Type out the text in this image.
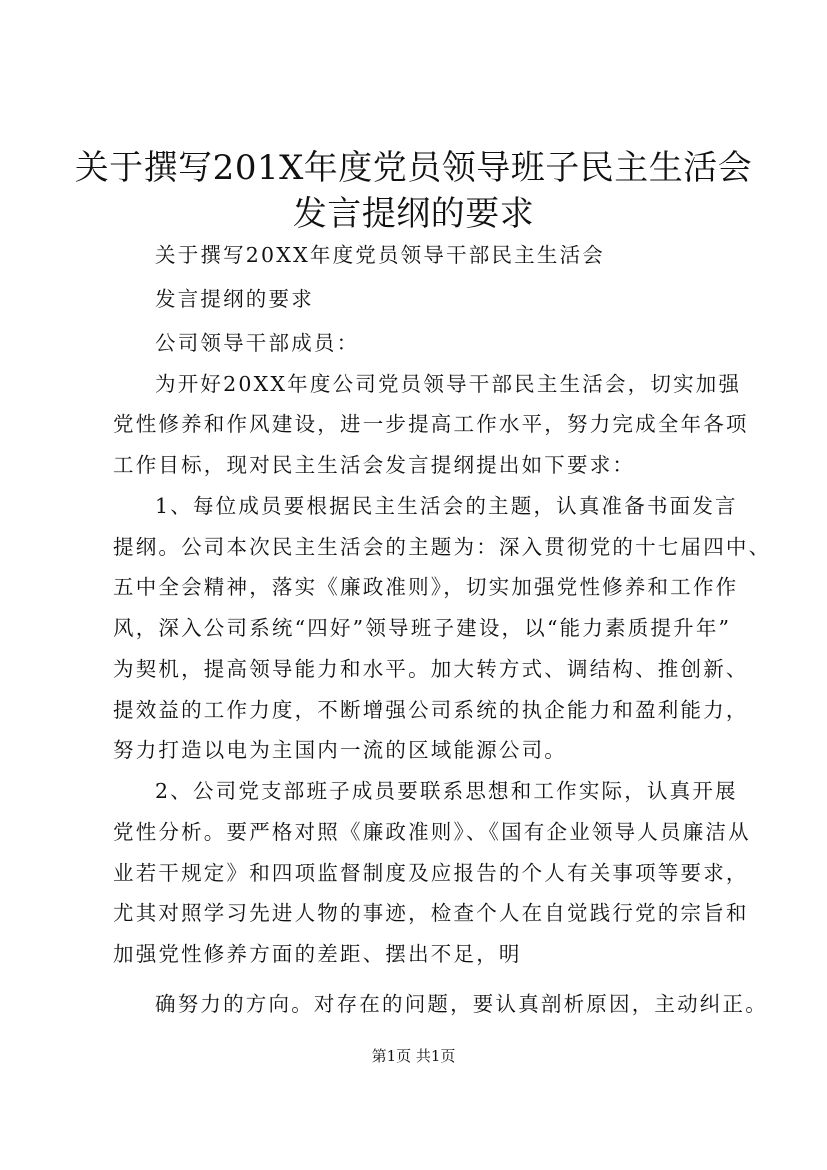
关于撰写201X年度党员领导班子民主生活会
发言提纲的要求

关于撰写20XX年度党员领导干部民主生活会

发言提纲的要求

公司领导干部成员：

为开好20XX年度公司党员领导干部民主生活会，切实加强

党性修养和作风建设，进一步提高工作水平，努力完成全年各项

工作目标，现对民主生活会发言提纲提出如下要求：

1、每位成员要根据民主生活会的主题，认真准备书面发言

提纲。公司本次民主生活会的主题为：深入贯彻党的十七届四中、

五中全会精神，落实《廉政准则》，切实加强党性修养和工作作

风，深入公司系统“四好”领导班子建设，以“能力素质提升年”

为契机，提高领导能力和水平。加大转方式、调结构、推创新、

提效益的工作力度，不断增强公司系统的执企能力和盈利能力，

努力打造以电为主国内一流的区域能源公司。

2、公司党支部班子成员要联系思想和工作实际，认真开展

党性分析。要严格对照《廉政准则》、《国有企业领导人员廉洁从

业若干规定》和四项监督制度及应报告的个人有关事项等要求，

尤其对照学习先进人物的事迹，检查个人在自觉践行党的宗旨和

加强党性修养方面的差距、摆出不足，明

确努力的方向。对存在的问题，要认真剖析原因，主动纠正。

第1页 共1页
